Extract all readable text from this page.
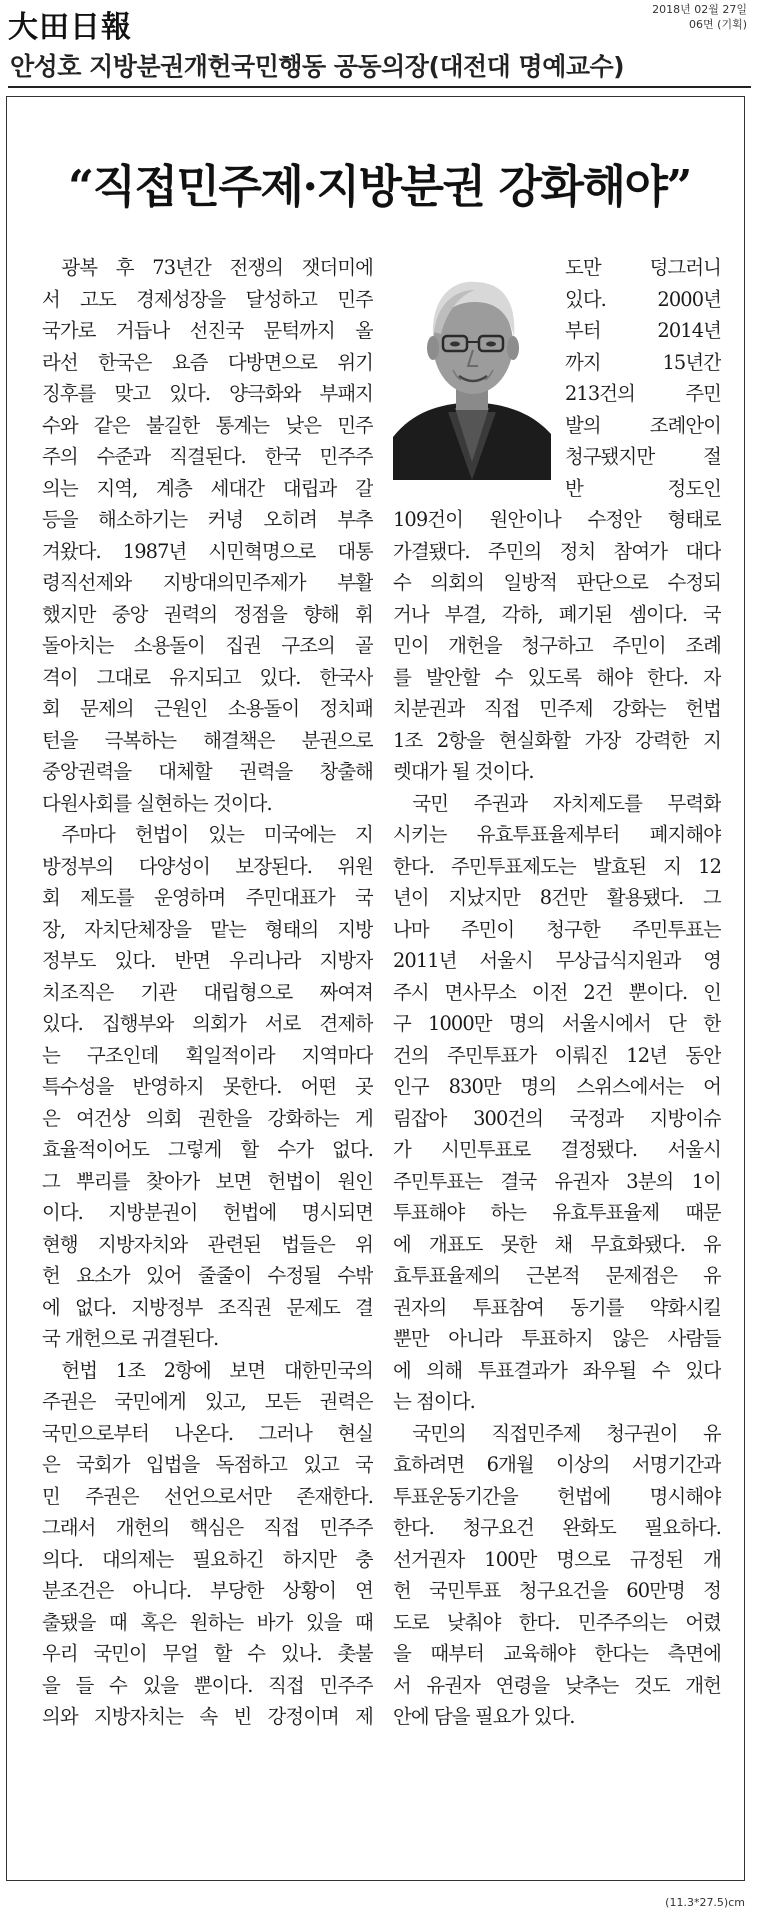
大田日報
2018년 02월 27일
06면 (기획)
안성호 지방분권개헌국민행동 공동의장(대전대 명예교수)
“직접민주제·지방분권 강화해야”
광복 후 73년간 전쟁의 잿더미에
서 고도 경제성장을 달성하고 민주
국가로 거듭나 선진국 문턱까지 올
라선 한국은 요즘 다방면으로 위기
징후를 맞고 있다. 양극화와 부패지
수와 같은 불길한 통계는 낮은 민주
주의 수준과 직결된다. 한국 민주주
의는 지역, 계층 세대간 대립과 갈
등을 해소하기는 커녕 오히려 부추
겨왔다. 1987년 시민혁명으로 대통
령직선제와 지방대의민주제가 부활
했지만 중앙 권력의 정점을 향해 휘
돌아치는 소용돌이 집권 구조의 골
격이 그대로 유지되고 있다. 한국사
회 문제의 근원인 소용돌이 정치패
턴을 극복하는 해결책은 분권으로
중앙권력을 대체할 권력을 창출해
다원사회를 실현하는 것이다.
주마다 헌법이 있는 미국에는 지
방정부의 다양성이 보장된다. 위원
회 제도를 운영하며 주민대표가 국
장, 자치단체장을 맡는 형태의 지방
정부도 있다. 반면 우리나라 지방자
치조직은 기관 대립형으로 짜여져
있다. 집행부와 의회가 서로 견제하
는 구조인데 획일적이라 지역마다
특수성을 반영하지 못한다. 어떤 곳
은 여건상 의회 권한을 강화하는 게
효율적이어도 그렇게 할 수가 없다.
그 뿌리를 찾아가 보면 헌법이 원인
이다. 지방분권이 헌법에 명시되면
현행 지방자치와 관련된 법들은 위
헌 요소가 있어 줄줄이 수정될 수밖
에 없다. 지방정부 조직권 문제도 결
국 개헌으로 귀결된다.
헌법 1조 2항에 보면 대한민국의
주권은 국민에게 있고, 모든 권력은
국민으로부터 나온다. 그러나 현실
은 국회가 입법을 독점하고 있고 국
민 주권은 선언으로서만 존재한다.
그래서 개헌의 핵심은 직접 민주주
의다. 대의제는 필요하긴 하지만 충
분조건은 아니다. 부당한 상황이 연
출됐을 때 혹은 원하는 바가 있을 때
우리 국민이 무얼 할 수 있나. 촛불
을 들 수 있을 뿐이다. 직접 민주주
의와 지방자치는 속 빈 강정이며 제
도만 덩그러니
있다. 2000년
부터 2014년
까지 15년간
213건의 주민
발의 조례안이
청구됐지만 절
반 정도인
109건이 원안이나 수정안 형태로
가결됐다. 주민의 정치 참여가 대다
수 의회의 일방적 판단으로 수정되
거나 부결, 각하, 폐기된 셈이다. 국
민이 개헌을 청구하고 주민이 조례
를 발안할 수 있도록 해야 한다. 자
치분권과 직접 민주제 강화는 헌법
1조 2항을 현실화할 가장 강력한 지
렛대가 될 것이다.
국민 주권과 자치제도를 무력화
시키는 유효투표율제부터 폐지해야
한다. 주민투표제도는 발효된 지 12
년이 지났지만 8건만 활용됐다. 그
나마 주민이 청구한 주민투표는
2011년 서울시 무상급식지원과 영
주시 면사무소 이전 2건 뿐이다. 인
구 1000만 명의 서울시에서 단 한
건의 주민투표가 이뤄진 12년 동안
인구 830만 명의 스위스에서는 어
림잡아 300건의 국정과 지방이슈
가 시민투표로 결정됐다. 서울시
주민투표는 결국 유권자 3분의 1이
투표해야 하는 유효투표율제 때문
에 개표도 못한 채 무효화됐다. 유
효투표율제의 근본적 문제점은 유
권자의 투표참여 동기를 약화시킬
뿐만 아니라 투표하지 않은 사람들
에 의해 투표결과가 좌우될 수 있다
는 점이다.
국민의 직접민주제 청구권이 유
효하려면 6개월 이상의 서명기간과
투표운동기간을 헌법에 명시해야
한다. 청구요건 완화도 필요하다.
선거권자 100만 명으로 규정된 개
헌 국민투표 청구요건을 60만명 정
도로 낮춰야 한다. 민주주의는 어렸
을 때부터 교육해야 한다는 측면에
서 유권자 연령을 낮추는 것도 개헌
안에 담을 필요가 있다.
(11.3*27.5)cm
